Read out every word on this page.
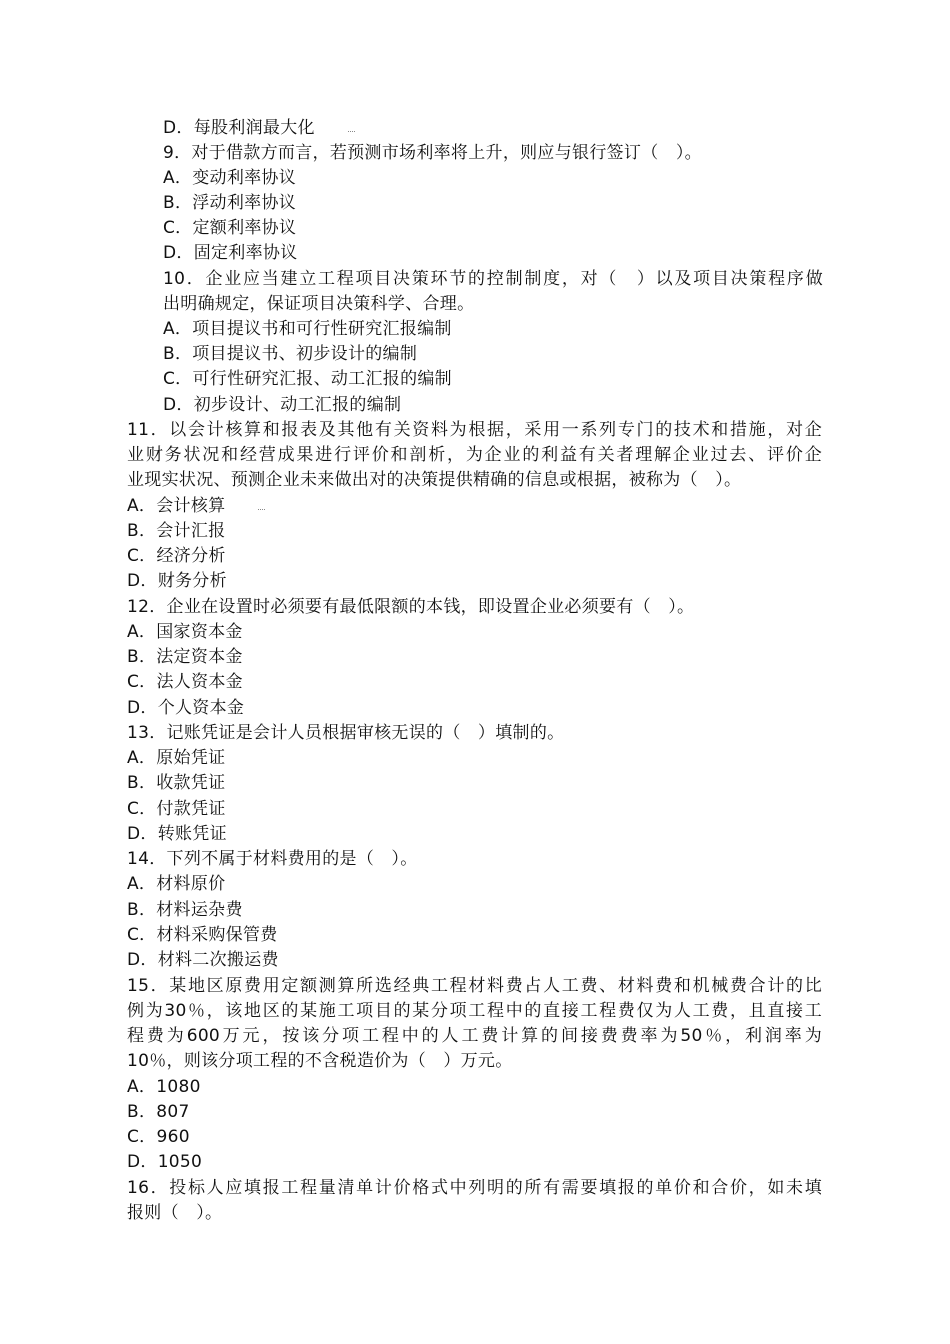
D．每股利润最大化
9．对于借款方而言，若预测市场利率将上升，则应与银行签订（　）。
A．变动利率协议
B．浮动利率协议
C．定额利率协议
D．固定利率协议
10．企业应当建立工程项目决策环节的控制制度，对（　）以及项目决策程序做
出明确规定，保证项目决策科学、合理。
A．项目提议书和可行性研究汇报编制
B．项目提议书、初步设计的编制
C．可行性研究汇报、动工汇报的编制
D．初步设计、动工汇报的编制
11．以会计核算和报表及其他有关资料为根据，采用一系列专门的技术和措施，对企
业财务状况和经营成果进行评价和剖析，为企业的利益有关者理解企业过去、评价企
业现实状况、预测企业未来做出对的决策提供精确的信息或根据，被称为（　）。
A．会计核算
B．会计汇报
C．经济分析
D．财务分析
12．企业在设置时必须要有最低限额的本钱，即设置企业必须要有（　）。
A．国家资本金
B．法定资本金
C．法人资本金
D．个人资本金
13．记账凭证是会计人员根据审核无误的（　）填制的。
A．原始凭证
B．收款凭证
C．付款凭证
D．转账凭证
14．下列不属于材料费用的是（　）。
A．材料原价
B．材料运杂费
C．材料采购保管费
D．材料二次搬运费
15．某地区原费用定额测算所选经典工程材料费占人工费、材料费和机械费合计的比
例为30％，该地区的某施工项目的某分项工程中的直接工程费仅为人工费，且直接工
程费为600万元，按该分项工程中的人工费计算的间接费费率为50％，利润率为
10％，则该分项工程的不含税造价为（　）万元。
A．1080
B．807
C．960
D．1050
16．投标人应填报工程量清单计价格式中列明的所有需要填报的单价和合价，如未填
报则（　）。
